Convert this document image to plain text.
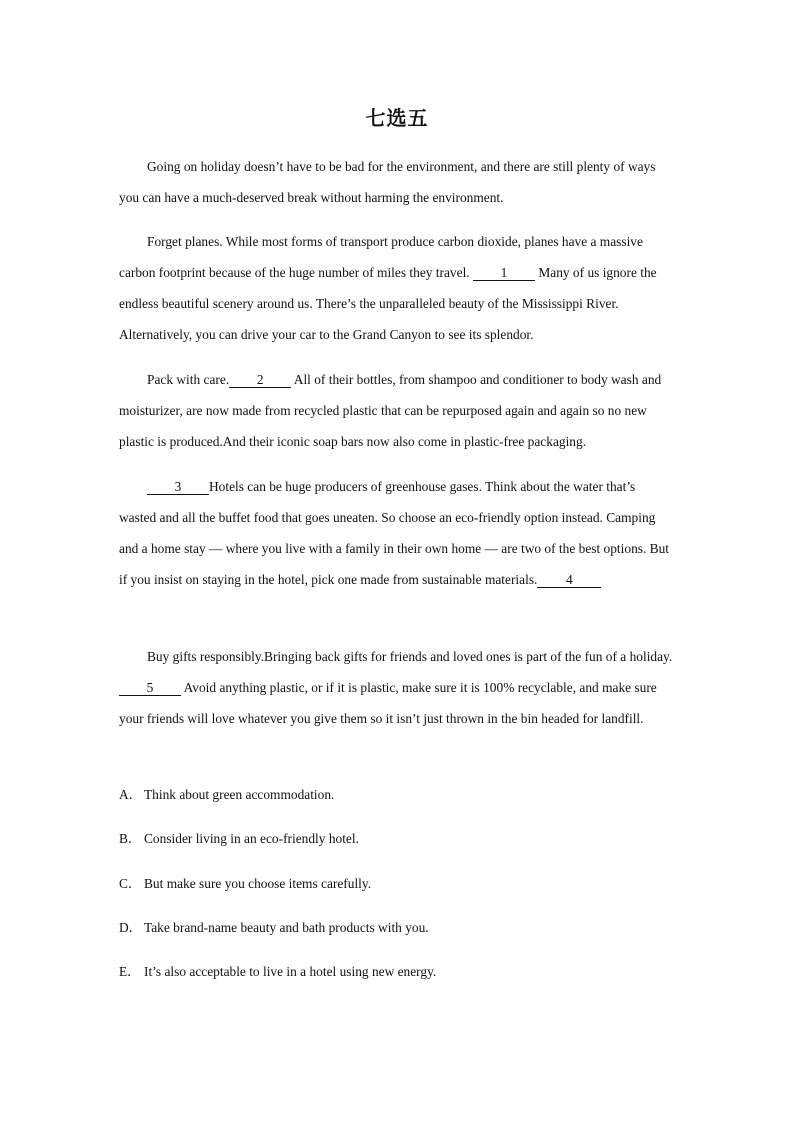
七选五

Going on holiday doesn’t have to be bad for the environment, and there are still plenty of ways you can have a much-deserved break without harming the environment.

Forget planes. While most forms of transport produce carbon dioxide, planes have a massive carbon footprint because of the huge number of miles they travel. 1 Many of us ignore the endless beautiful scenery around us. There’s the unparalleled beauty of the Mississippi River. Alternatively, you can drive your car to the Grand Canyon to see its splendor.

Pack with care. 2 All of their bottles, from shampoo and conditioner to body wash and moisturizer, are now made from recycled plastic that can be repurposed again and again so no new plastic is produced.And their iconic soap bars now also come in plastic-free packaging.

3 Hotels can be huge producers of greenhouse gases. Think about the water that’s wasted and all the buffet food that goes uneaten. So choose an eco-friendly option instead. Camping and a home stay — where you live with a family in their own home — are two of the best options. But if you insist on staying in the hotel, pick one made from sustainable materials. 4

Buy gifts responsibly.Bringing back gifts for friends and loved ones is part of the fun of a holiday. 5 Avoid anything plastic, or if it is plastic, make sure it is 100% recyclable, and make sure your friends will love whatever you give them so it isn’t just thrown in the bin headed for landfill.

A． Think about green accommodation.

B． Consider living in an eco-friendly hotel.

C． But make sure you choose items carefully.

D． Take brand-name beauty and bath products with you.

E． It’s also acceptable to live in a hotel using new energy.
